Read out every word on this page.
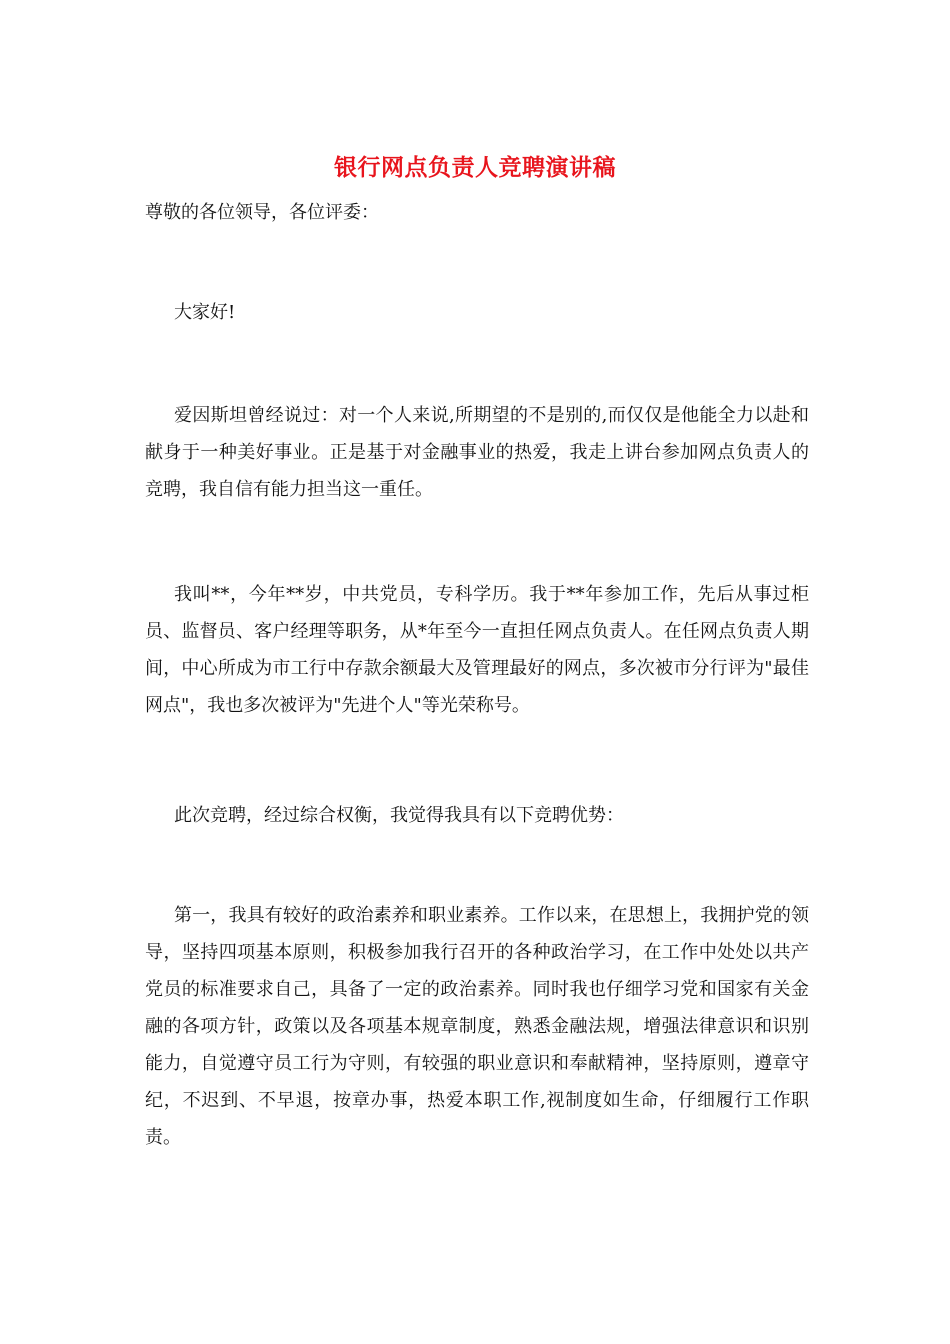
银行网点负责人竞聘演讲稿

尊敬的各位领导，各位评委：

大家好!

爱因斯坦曾经说过：对一个人来说,所期望的不是别的,而仅仅是他能全力以赴和献身于一种美好事业。正是基于对金融事业的热爱，我走上讲台参加网点负责人的竞聘，我自信有能力担当这一重任。

我叫**，今年**岁，中共党员，专科学历。我于**年参加工作，先后从事过柜员、监督员、客户经理等职务，从*年至今一直担任网点负责人。在任网点负责人期间，中心所成为市工行中存款余额最大及管理最好的网点，多次被市分行评为"最佳网点"，我也多次被评为"先进个人"等光荣称号。

此次竞聘，经过综合权衡，我觉得我具有以下竞聘优势：

第一，我具有较好的政治素养和职业素养。工作以来，在思想上，我拥护党的领导，坚持四项基本原则，积极参加我行召开的各种政治学习，在工作中处处以共产党员的标准要求自己，具备了一定的政治素养。同时我也仔细学习党和国家有关金融的各项方针，政策以及各项基本规章制度，熟悉金融法规，增强法律意识和识别能力，自觉遵守员工行为守则，有较强的职业意识和奉献精神，坚持原则，遵章守纪，不迟到、不早退，按章办事，热爱本职工作,视制度如生命，仔细履行工作职责。
